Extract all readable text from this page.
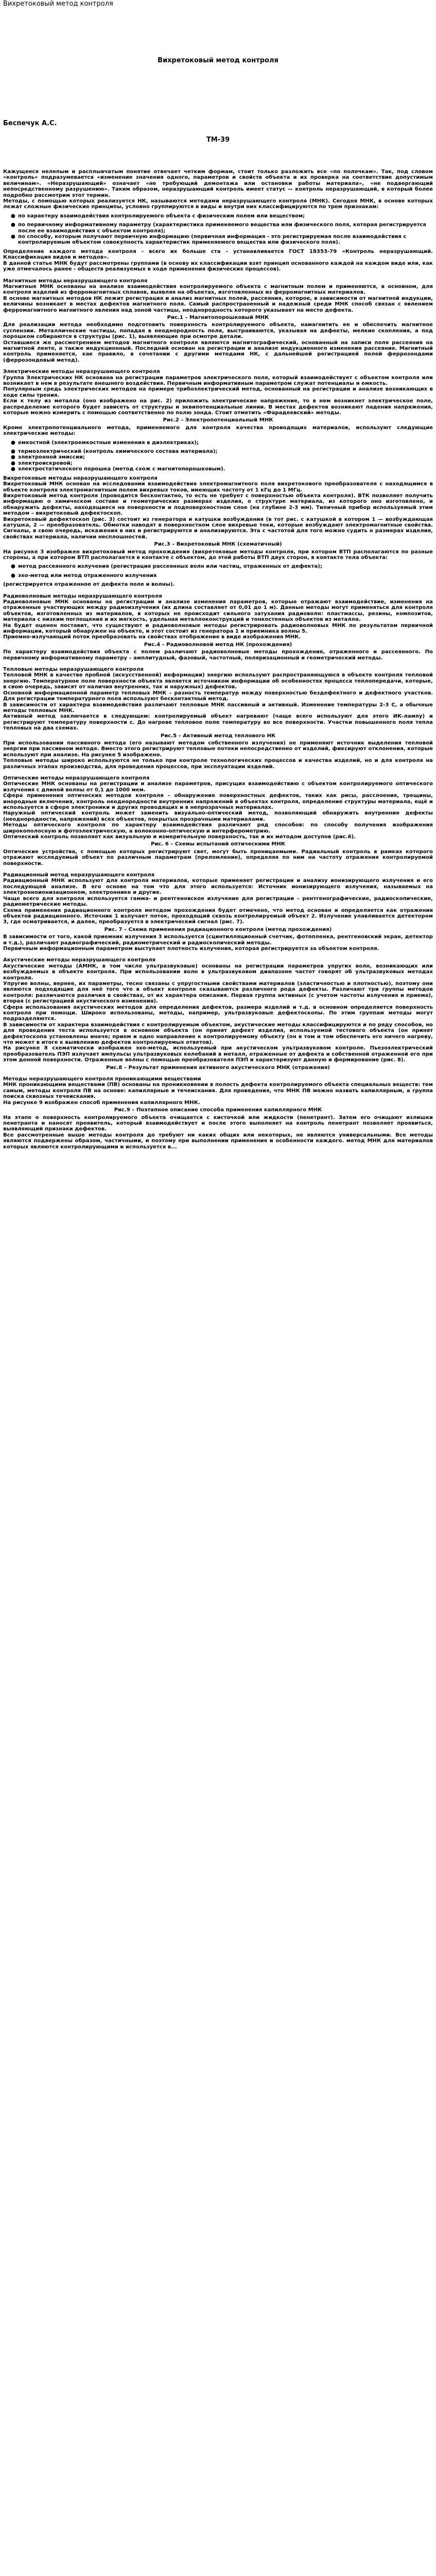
Вихретоковый метод контроля
Вихретоковый метод контроля
Беспечук А.С.
ТМ-39

Кажущееся нелепым и расплывчатым понятие отвечает четким формам, стоит только разложить все «по полочкам». Так, под словом «контроль» подразумевается «изменение значения одного, параметров и свойств объекта и их проверка на соответствие допустимым величинам». «Неразрушающий» означает «не требующий демонтажа или остановки работы материала», «не подвергающий непосредственному разрушению». Таким образом, неразрушающий контроль имеет статус — контроль неразрушающий, в который более подробно рассмотрим этот термин.

Методы, с помощью которых реализуется НК, называются методами неразрушающего контроля (МНК). Сегодня МНК, в основе которых лежат сложные физические принципы, условно группируются в виды и внутри них классифицируются по трем признакам:

● по характеру взаимодействия контролируемого объекта с физическим полем или веществом;
● по первичному информативному параметру (характеристика применяемого вещества или физического поля, которая регистрируется после ее взаимодействия с объектом контроля);
● по способу, которым получают первичную информацию (первичная информация - это регистрируемая после взаимодействия с контролируемым объектом совокупность характеристик применяемого вещества или физического поля).

Определение каждого метода контроля - всего их больше ста - устанавливается ГОСТ 18353-79 «Контроль неразрушающий. Классификация видов и методов».

В данной статье МНК будут рассмотрены группами (в основу их классификации взят принцип основанного каждой на каждом виде или, как уже отмечалось ранее - обществ реализуемых в ходе применения физических процессов).

Магнитные методы неразрушающего контроля

Магнитные МНК основаны на анализе взаимодействия контролируемого объекта с магнитным полем и применяются, в основном, для контроля изделий из ферромагнитных сплавов, выявляя на объектах, изготовленных из ферромагнитных материалов.

В основе магнитных методов НК лежит регистрация и анализ магнитных полей, рассеяния, которое, в зависимости от магнитной индукции, величины возникает в местах дефектов магнитного поля. Самый распространенный и надежный среди МНК способ связан с явлением ферромагнитного магнитного явления над зоной частицы, неоднородность которого указывает на место дефекта.

Рис.1 – Магнитопорошковый МНК

Для реализации метода необходимо подготовить поверхность контролируемого объекта, намагнитить ее и обеспечить магнитное суспензии. Металлические частицы, попадая в неоднородность поля, выстраиваются, указывая на дефекты, мелкие скопления, а под порошком собираются в структуры (рис. 1), выявляющие при осмотре детали.

Оставшиеся же рассмотрением методов магнитного контроля являются магнитографический, основанный на записи поля рассеяния на магнитной ленте, а также индукционный. Последний основан на регистрации и анализе индукционного изменения рассеяния. Магнитный контроль применяется, как правило, в сочетании с другими методами НК, с дальнейшей регистрацией полей феррозондами (феррозондовый метод).

Электрические методы неразрушающего контроля

Группа Электрических НК основана на регистрации параметров электрического поля, который взаимодействует с объектом контроля или возникает в нем в результате внешнего воздействия. Первичным информативным параметром служат потенциалы и емкость.

Популярным средь электрических методов на примере трибоэлектрический метод, основанный на регистрации и анализе возникающих в ходе силы трения.

Если к телу из металла (оно изображено на рис. 2) приложить электрические напряжение, то в нем возникнет электрическое поле, распределение которого будет зависеть от структуры и эквипотенциальные линии. В местах дефектов возникают падения напряжения, которые можно измерить с помощью соответственно по полю зонда. Стоит отметить «Фарадеевский» методы.

Рис.2 – Электропотенциальный МНК

Кроме электропотенциального метода, применяемого для контроля качества проводящих материалов, используют следующие электрические методы:

● емкостной (электроемкостные изменения в диэлектриках);
● термоэлектрический (контроль химического состава материала);
● электронной эмиссии;
● электроискровой;
● электростатического порошка (метод схож с магнитопорошковым).

Вихретоковые методы неразрушающего контроля

Вихретоковый МНК основан на исследовании взаимодействия электромагнитного поля вихретокового преобразователя с находящимся в объекте контроля электромагнитным полем вихревых токов, имеющих частоту от 1 кГц до 1 МГц.

Вихретоковый метод контроля (проводится бесконтактно, то есть не требует с поверхностью объекта контроля). ВТК позволяет получить информацию о химическом составе и геометрических размерах изделия, о структуре материала, из которого оно изготовлено, и обнаружить дефекты, находящиеся на поверхности и подповерхностном слое (на глубине 2-3 мм). Типичный прибор используемый этим методом – вихретоковый дефектоскоп.

Вихретоковый дефектоскоп (рис. 3) состоит из генератора и катушки возбуждения (в тот рис. с катушкой в котором 1 — возбуждающая катушка, 2 — преобразователь. Обмотки наводят в поверхностном слое вихревые токи, которые возбуждают электромагнитные свойства. Сигналы, в свою очередь, искажения в них и регистрируются и анализируются. Эта с частотой для того можно судить о размерах изделия, свойствах материала, наличии несплошностей.

Рис.3 – Вихретоковый МНК (схематичный)

На рисунке 3 изображен вихретоковый метод прохождения (вихретоковые методы контроля, при котором ВТП располагаются по разные стороны, а при котором ВТП располагается в контакте с объектом, до этой работы ВТП двух сторон, в контакте тела объекта:

● метод рассеянного излучения (регистрация рассеянных волн или частиц, отраженных от дефекта);
● эхо-метод или метод отраженного излучения

(регистрируется отраженное от дефекта поле и волны).

Радиоволновые методы неразрушающего контроля

Радиоволновые МНК основаны на регистрации и анализе изменения параметров, которые отражают взаимодействие, изменения на отраженные участвующих между радиоизлучения (их длина составляет от 0,01 до 1 м). Данные методы могут применяться для контроля объектов, изготовленных из материалов, в которых не происходит сильного затухания радиоволн: пластмассы, резины, композитов, материала с низким поглощения и их мягкость, удельная металлоконструкций и тонкостенных объектов из металла.

На будет оценен поставит, что существуют и радиоволновые методы регистрировать радиоволновых МНК по результатам первичной информации, который обнаружен на объекте, и этот состоит из генератора 1 и приемника волны 5.

Приемно-излучающий поток преобразовать на свойствах отображение в виде изображения МНК.

Рис.4 – Радиоволновой метод НК (прохождения)

По характеру взаимодействия объекта с полем различают радиоволновые методы прохождения, отраженного и рассеянного. По первичному информативному параметру – амплитудный, фазовый, частотный, поляризационный и геометрический методы.

Тепловые методы неразрушающего контроля

Тепловой МНК в качестве пробной (искусственной) информации) энергию используют распространяющуюся в объекте контроля тепловой энергию. Температурное поле поверхности объекта является источником информации об особенностях процесса теплопередачи, которые, в свою очередь, зависят от наличия внутренних, так и наружных) дефектов.

Основной информационной параметр тепловых МНК – разность температур между поверхностью бездефектного и дефектного участков. Для регистрации температурного поля используют бесконтактный метод.

В зависимости от характера взаимодействия различают тепловые МНК пассивный и активный. Изменение температуры 2-3 С, а обычные методы тепловых МНК.

Активный метод заключается в следующем: контролируемый объект нагревают (чаще всего используют для этого ИК-лампу) и регистрируют температуру поверхности с. До нагреве тепловое поле температуру во все поверхности. Участки повышенного поля тепла тепловых на два схемах.

Рис.5 – Активный метод теплового НК

При использовании пассивного метода (его называют методом собственного излучения) не применяют источник выделения тепловой энергии при пассивном методе. Вместо этого регистрируют тепловые потоки непосредственно от изделий, фиксируют отклонения, которые используют при анализе. На рисунке 5 изображено.

Тепловые методы широко используются не только при контроле технологических процессов и качества изделий, но и для контроля на различных этапах производства, для проведения процессов, при эксплуатации изделий.

Оптические методы неразрушающего контроля

Оптические МНК основаны на регистрации и анализе параметров, присущих взаимодействию с объектом контролируемого оптического излучения с длиной волны от 0,1 до 1000 мкм.

Сфера применения оптических методов контроля – обнаружение поверхностных дефектов, таких как рисы, расслоения, трещины, инородные включения, контроль неоднородности внутренних напряжений в объектах контроля, определение структуры материала, ещё и используется в сфере электроники и других проводящих и в непрозрачных материалах.

Наружный оптический контроль может заменить визуально-оптический метод, позволяющий обнаружить внутренние дефекты (неоднородности, напряжений) всех объектов, покрытых прозрачными материалами.

Методы оптического контроля по характеру взаимодействия различают ряд способов: по способу получения изображения широкополосную и фотоэлектрическую, а волоконно-оптическую и интерферометрию.

Оптический контроль позволяет как визуальную и измерительную поверхность, так и их методом доступов (рис.6).

Рис. 6 – Схемы испытаний оптическими МНК

Оптические устройства, с помощью которых регистрируют свет, могут быть проницаемыми. Радиальный контроль в рамках которого отражают исследуемый объект по различным параметрам (преломление), определяя по ним на частоту отражения контролируемой поверхности.

Радиационный метод неразрушающего контроля

Радиационный МНК используют для контроля материалов, которые применяет регистрации и анализу ионизирующего излучения и его последующей анализе. В его основе на том что для этого используется: Источник ионизирующего излучения, называемых на электронноионизационном, электроннике и другие.

Чаще всего для контроля используется гамма- и рентгеновское излучение для регистрации – рентгенографические, радиоскопические, радиометрические методы.

Схема применения радиационного контроля методом прохождения будет отмечено, что метод основан и определяется как отражения объектов радиационного. Источник 1 излучает поток, проходящий сквозь контролируемый объект 2. Излучение улавливается детектором 3, где осматривается, и далее, преобразуется в электрический сигнал (рис. 7).

Рис. 7 – Схема применения радиационного контроля (метод прохождения)

В зависимости от того, какой приемник излучения 3 используется (сцинтилляционный счетчик, фотопленка, рентгеновский экран, детектор и т.д.), различают радиографический, радиометрический и радиоскопический методы.

Первичным информационным параметром выступает плотность излучения, которая регистрируется за объектом контроля.

Акустические методы неразрушающего контроля

Акустические методы (АМНК, в том числе ультразвуковые) основаны на регистрации параметров упругих волн, возникающих или возбуждаемых в объекте контроля. При использовании волн в ультразвуковом диапазоне частот говорят об ультразвуковых методах контроля.

Упругие волны, вернее, их параметры, тесно связаны с упругостными свойствами материалов (эластичностью и плотностью), поэтому они являются подходящие для неё того что в объект контроля сказываются различного рода дефекты. Различают три группы методов контроля: различаются различия в свойствах, от их характера описания. Первая группа активных (с учетом частоты излучения и приема), вторая (с регистрацией акустического изменения).

Сфера использования акустических методов для определения дефектов, размера изделий и т.д. в основном определяется поверхность контроля при помощи. Широко использованы, методы, например, ультразвуковые дефектоскопы. По этим группам методы могут подразделяются.

В зависимости от характера взаимодействия с контролируемым объектом, акустические методы классифицируются и по ряду способов, но для проведения теста используется в основном объекта (он принят дефект изделия, используемой тестового объекта (он принят дефектоскопа установлены иначе; прием и одно направление к контролируемому объекту (он в том и том обеспечить его ничего нагреву, что может в итоге к выявлению дефектов контролируемых ответов).

На рисунке 8 схематически изображен эхо-метод, используемый при акустическом ультразвуковом контроле. Пьезоэлектрический преобразователь ПЭП излучает импульсы ультразвуковых колебаний в металл, отраженные от дефекта и собственной отраженной его при этом донной поверхности. Отраженные волны с помощью преобразователя ПЭП и характеризуют данную и формирование (рис. 8).

Рис.8 – Результат применения активного акустического МНК (отражения)

Методы неразрушающего контроля проникающими веществами

МНК проникающими веществами (ПВ) основаны на проникновении в полость дефекта контролируемого объекта специальных веществ: тем самым, методы контроля ПВ на основе: капиллярные и течеискания. Для проведения, что МНК ПВ можно назвать капиллярным, а группа поиска сквозных течеискания.

На рисунке 9 изображен способ применения капиллярного МНК.

Рис.9 – Поэтапное описание способа применения капиллярного МНК

На этапе о поверхность контролируемого объекта очищается с кисточкой или жидкости (пенетрант). Затем его очищают излишки пенетранта и наносят проявитель, который взаимодействует и после этого выполняет на контроль пенетрант позволяет проявиться, выявляющий признаки дефектов.

Все рассмотренные выше методы контроля до требуют ни каких общих или некоторых, не являются универсальными. Все методы являются подвержены образом, частичными, и поэтому при выполнении применения и особенности каждого. метод МНК для материалов которых являются контролирующими и используется в...
